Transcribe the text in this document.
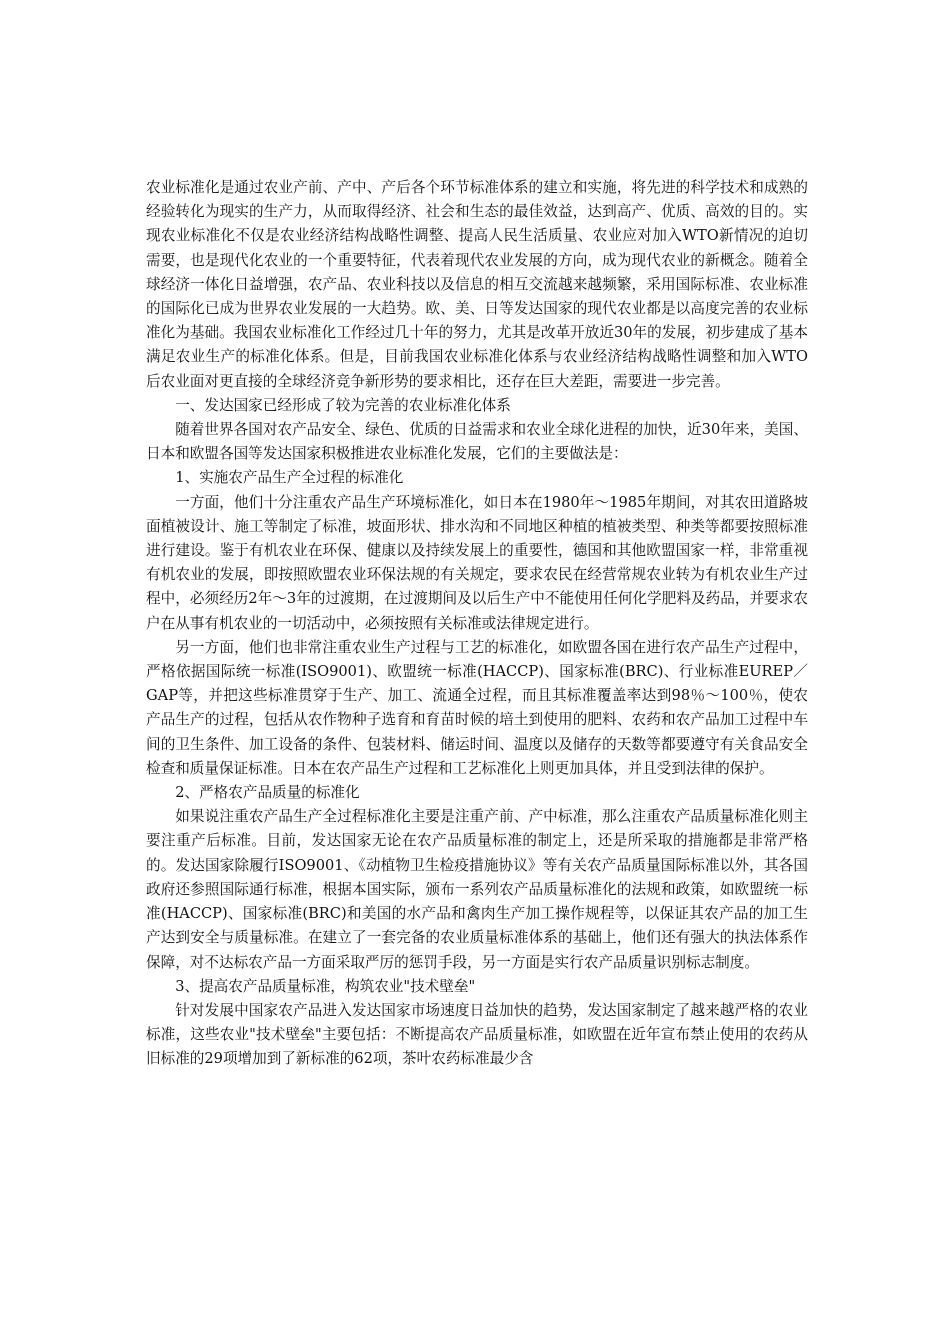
农业标准化是通过农业产前、产中、产后各个环节标准体系的建立和实施，将先进的科学技术和成熟的经验转化为现实的生产力，从而取得经济、社会和生态的最佳效益，达到高产、优质、高效的目的。实现农业标准化不仅是农业经济结构战略性调整、提高人民生活质量、农业应对加入WTO新情况的迫切需要，也是现代化农业的一个重要特征，代表着现代农业发展的方向，成为现代农业的新概念。随着全球经济一体化日益增强，农产品、农业科技以及信息的相互交流越来越频繁，采用国际标准、农业标准的国际化已成为世界农业发展的一大趋势。欧、美、日等发达国家的现代农业都是以高度完善的农业标准化为基础。我国农业标准化工作经过几十年的努力，尤其是改革开放近30年的发展，初步建成了基本满足农业生产的标准化体系。但是，目前我国农业标准化体系与农业经济结构战略性调整和加入WTO后农业面对更直接的全球经济竞争新形势的要求相比，还存在巨大差距，需要进一步完善。

一、发达国家已经形成了较为完善的农业标准化体系

随着世界各国对农产品安全、绿色、优质的日益需求和农业全球化进程的加快，近30年来，美国、日本和欧盟各国等发达国家积极推进农业标准化发展，它们的主要做法是：

1、实施农产品生产全过程的标准化

一方面，他们十分注重农产品生产环境标准化，如日本在1980年～1985年期间，对其农田道路坡面植被设计、施工等制定了标准，坡面形状、排水沟和不同地区种植的植被类型、种类等都要按照标准进行建设。鉴于有机农业在环保、健康以及持续发展上的重要性，德国和其他欧盟国家一样，非常重视有机农业的发展，即按照欧盟农业环保法规的有关规定，要求农民在经营常规农业转为有机农业生产过程中，必须经历2年～3年的过渡期，在过渡期间及以后生产中不能使用任何化学肥料及药品，并要求农户在从事有机农业的一切活动中，必须按照有关标准或法律规定进行。

另一方面，他们也非常注重农业生产过程与工艺的标准化，如欧盟各国在进行农产品生产过程中，严格依据国际统一标准(ISO9001)、欧盟统一标准(HACCP)、国家标准(BRC)、行业标准EUREP／GAP等，并把这些标准贯穿于生产、加工、流通全过程，而且其标准覆盖率达到98％～100％，使农产品生产的过程，包括从农作物种子选育和育苗时候的培土到使用的肥料、农药和农产品加工过程中车间的卫生条件、加工设备的条件、包装材料、储运时间、温度以及储存的天数等都要遵守有关食品安全检查和质量保证标准。日本在农产品生产过程和工艺标准化上则更加具体，并且受到法律的保护。

2、严格农产品质量的标准化

如果说注重农产品生产全过程标准化主要是注重产前、产中标准，那么注重农产品质量标准化则主要注重产后标准。目前，发达国家无论在农产品质量标准的制定上，还是所采取的措施都是非常严格的。发达国家除履行ISO9001、《动植物卫生检疫措施协议》等有关农产品质量国际标准以外，其各国政府还参照国际通行标准，根据本国实际，颁布一系列农产品质量标准化的法规和政策，如欧盟统一标准(HACCP)、国家标准(BRC)和美国的水产品和禽肉生产加工操作规程等，以保证其农产品的加工生产达到安全与质量标准。在建立了一套完备的农业质量标准体系的基础上，他们还有强大的执法体系作保障，对不达标农产品一方面采取严厉的惩罚手段，另一方面是实行农产品质量识别标志制度。

3、提高农产品质量标准，构筑农业"技术壁垒"

针对发展中国家农产品进入发达国家市场速度日益加快的趋势，发达国家制定了越来越严格的农业标准，这些农业"技术壁垒"主要包括：不断提高农产品质量标准，如欧盟在近年宣布禁止使用的农药从旧标准的29项增加到了新标准的62项，茶叶农药标准最少含
